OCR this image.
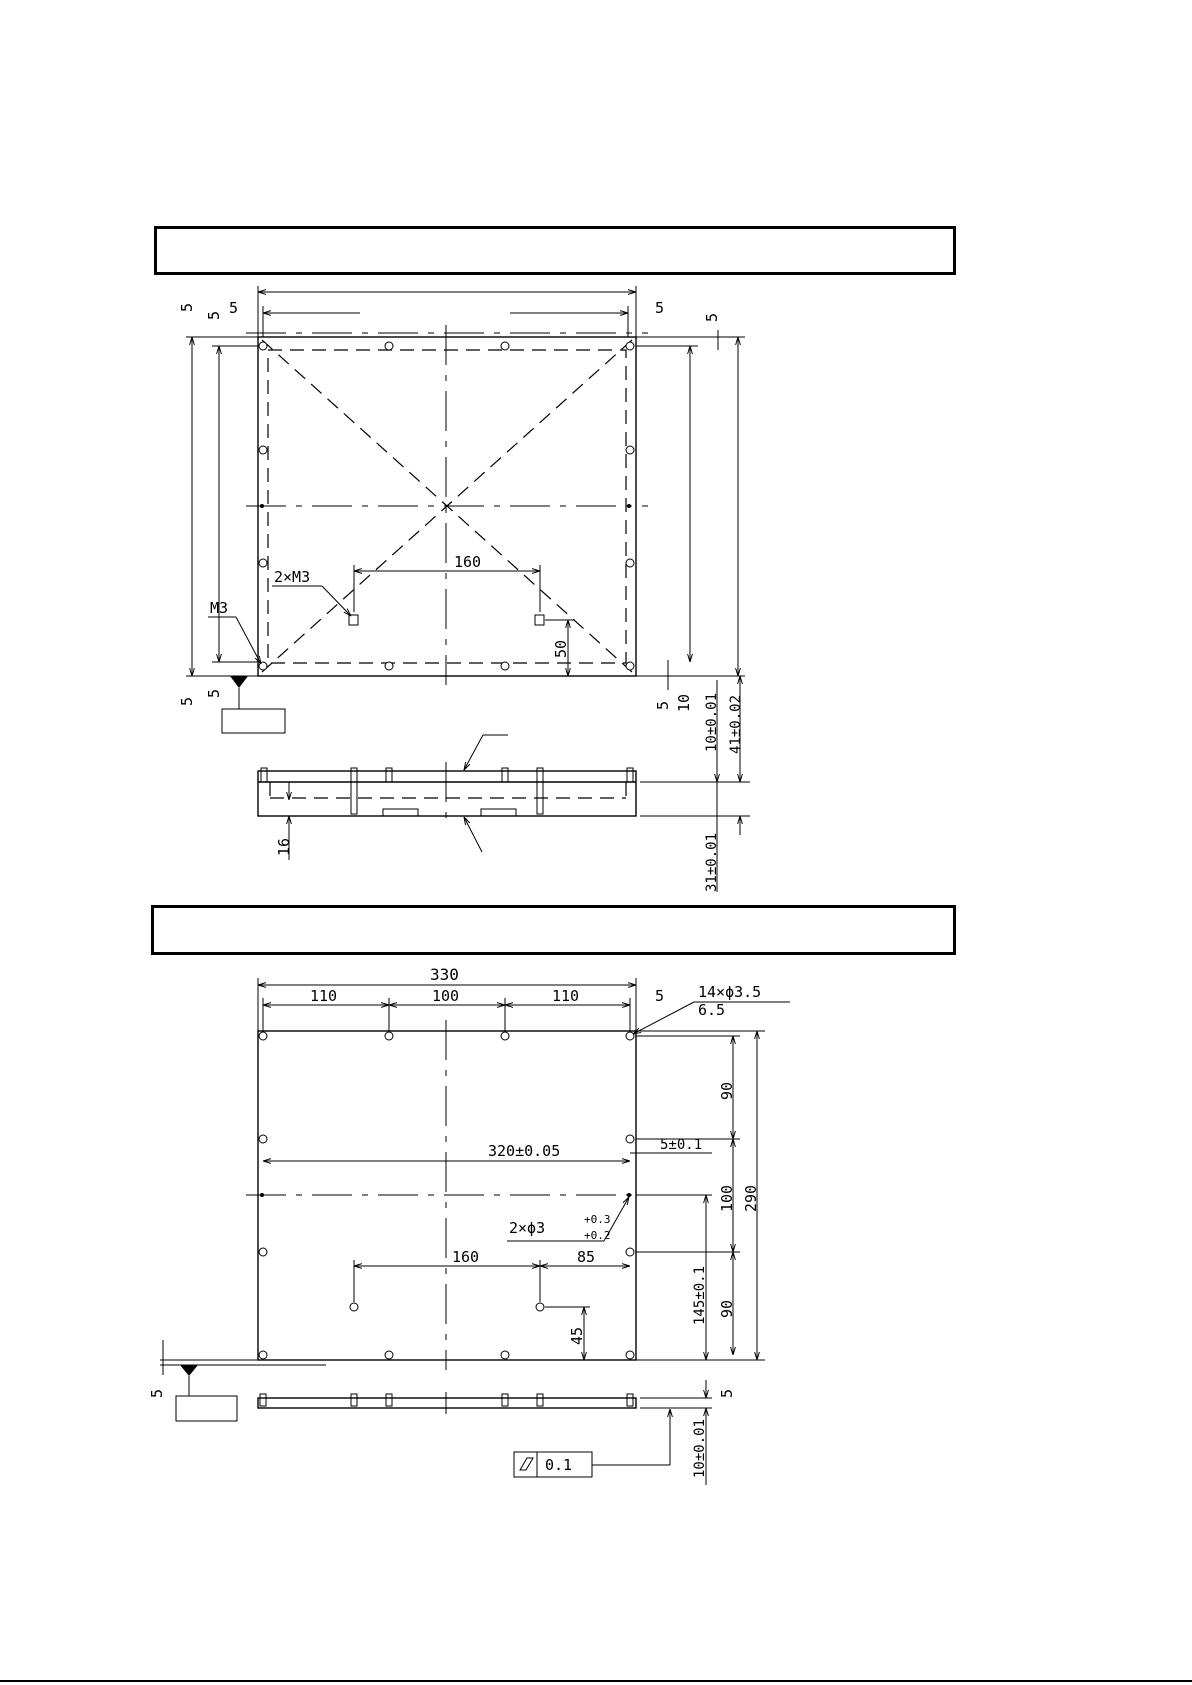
5	5
5
5
5
5
5
5 10
160
50
2×M3
M3
16
10±0.01 41±0.02
31±0.01
330
110	100	110	5 14×ϕ3.5
6.5
320±0.05	5±0.1
2×ϕ3	+0.3
+0.2
160	85
45
90
100
90
290
145±0.1
5	5
10±0.01
0.1
